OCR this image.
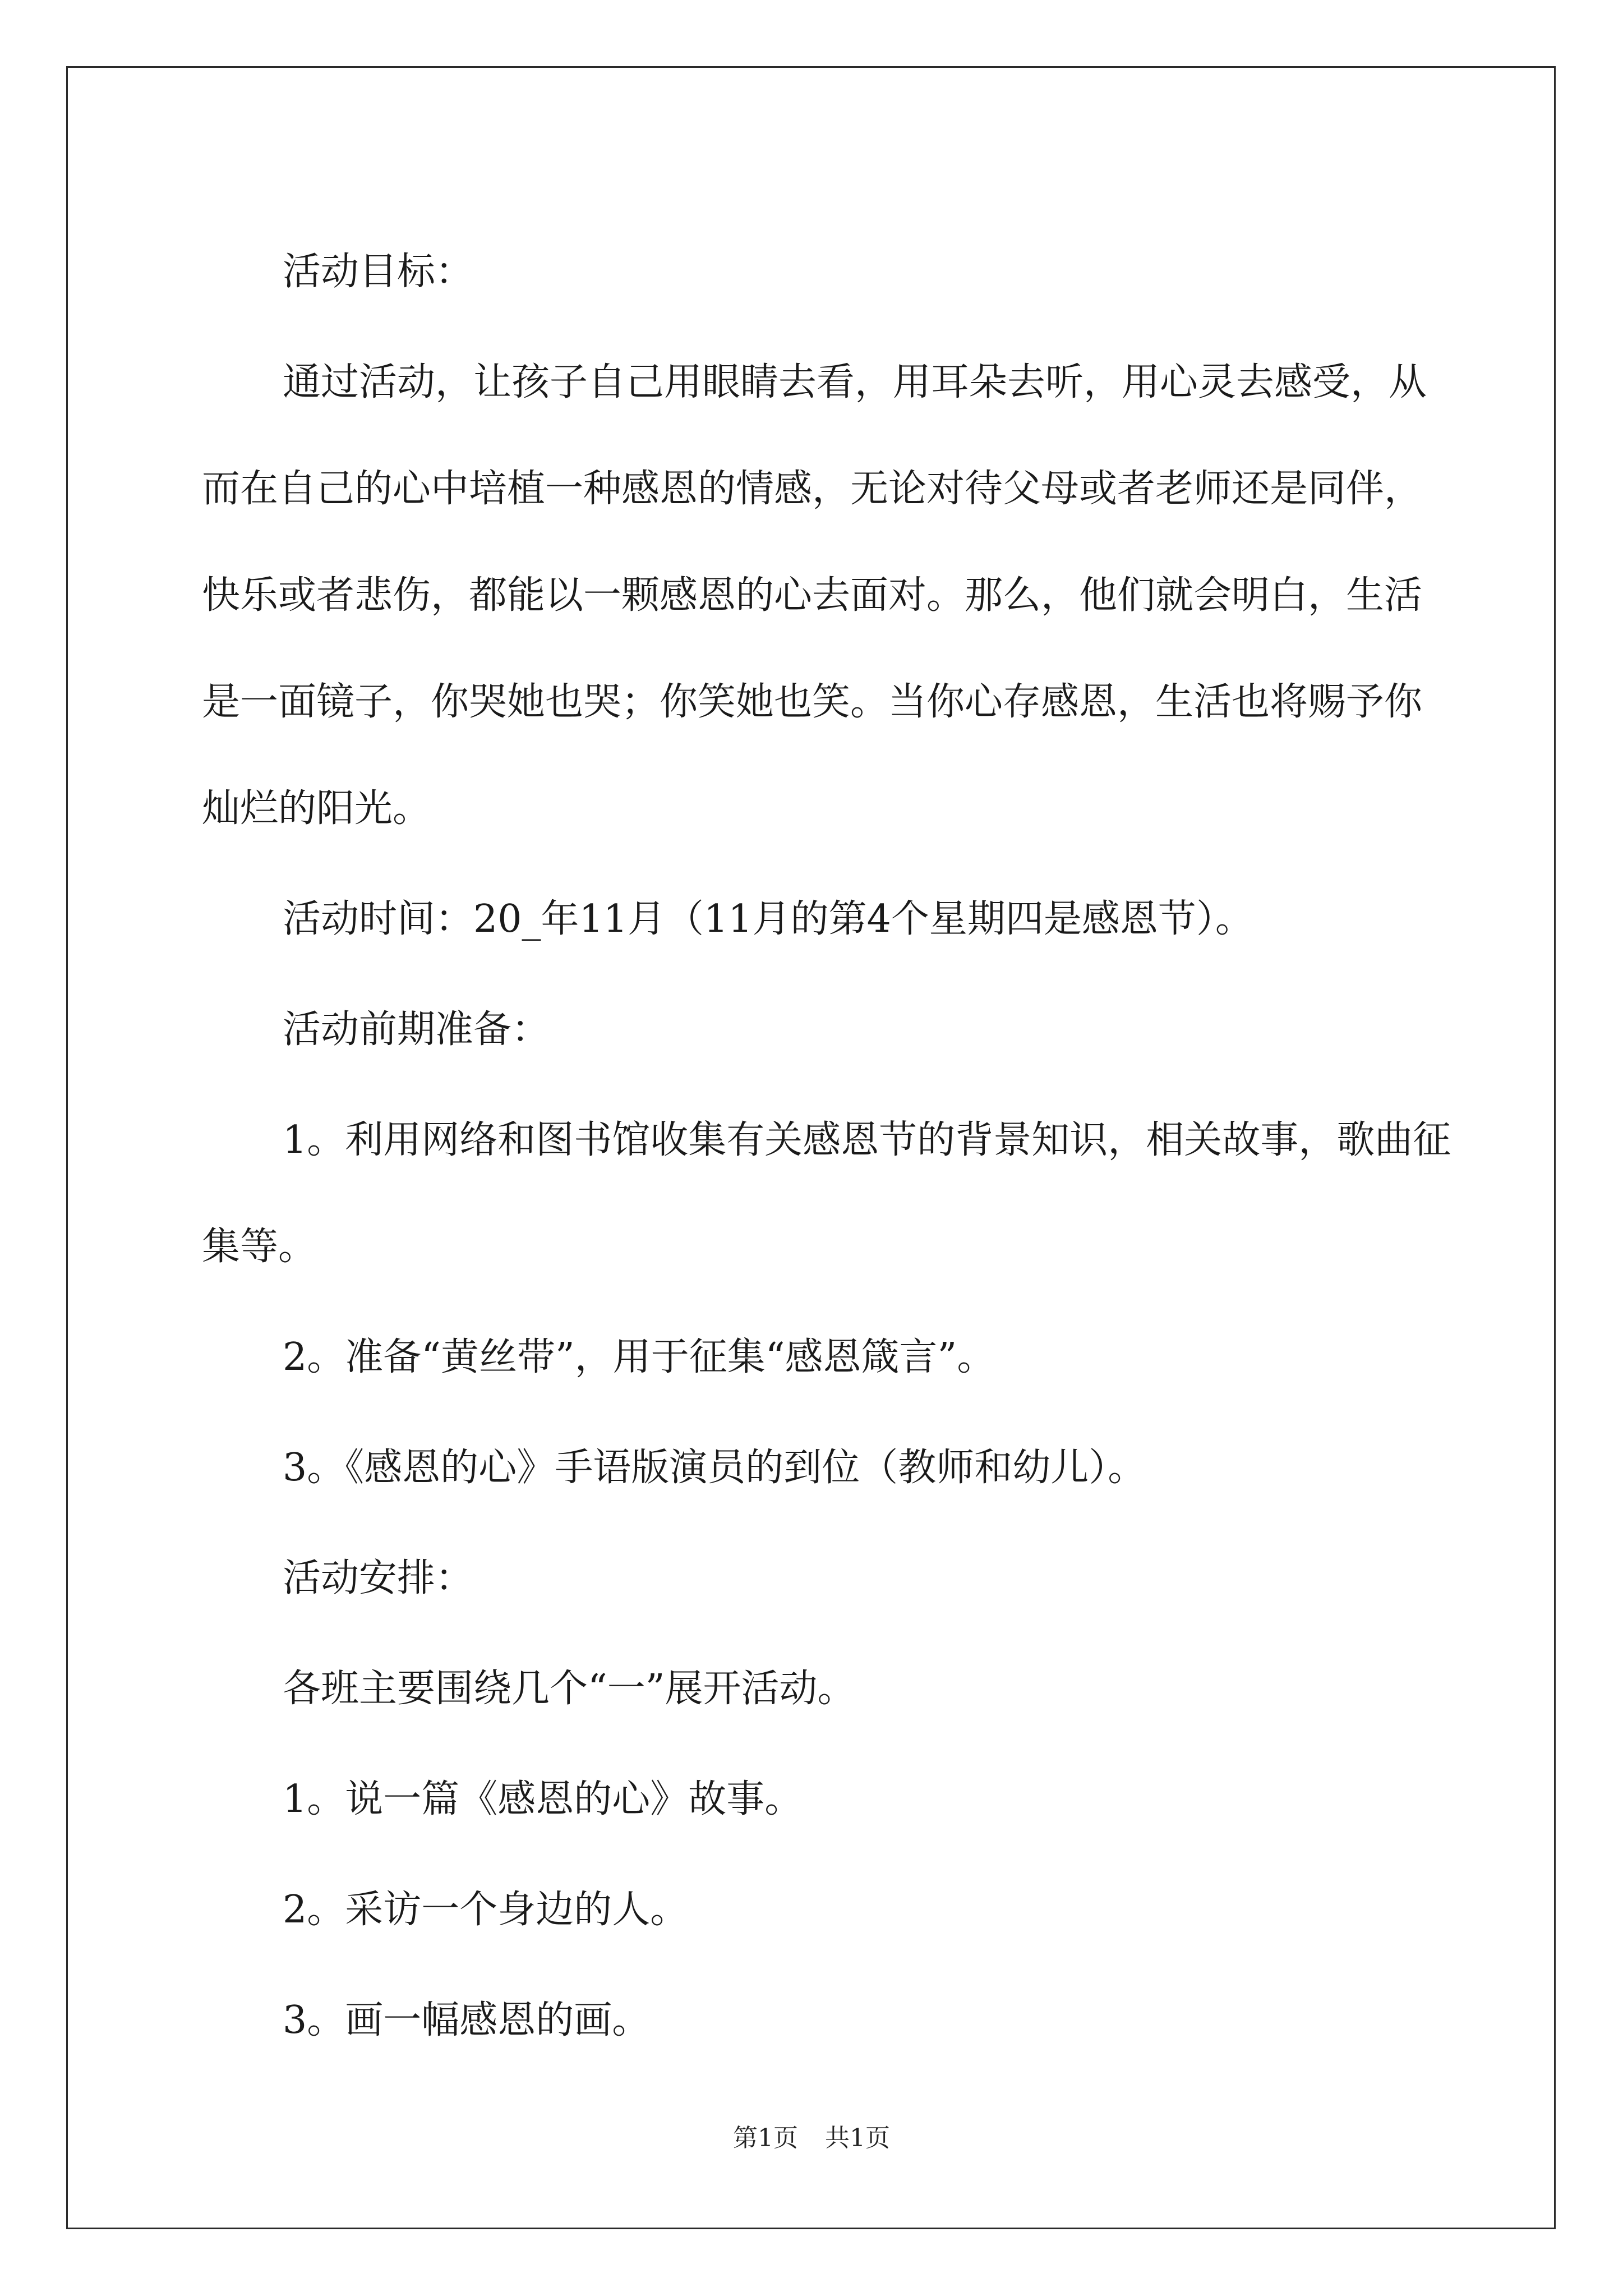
活动目标：

通过活动，让孩子自己用眼睛去看，用耳朵去听，用心灵去感受，从而在自己的心中培植一种感恩的情感，无论对待父母或者老师还是同伴，快乐或者悲伤，都能以一颗感恩的心去面对。那么，他们就会明白，生活是一面镜子，你哭她也哭；你笑她也笑。当你心存感恩，生活也将赐予你灿烂的阳光。

活动时间：20_年11月（11月的第4个星期四是感恩节）。

活动前期准备：

1。利用网络和图书馆收集有关感恩节的背景知识，相关故事，歌曲征集等。

2。准备“黄丝带”，用于征集“感恩箴言”。

3。《感恩的心》手语版演员的到位（教师和幼儿）。

活动安排：

各班主要围绕几个“一”展开活动。

1。说一篇《感恩的心》故事。

2。采访一个身边的人。

3。画一幅感恩的画。

第1页 共1页
